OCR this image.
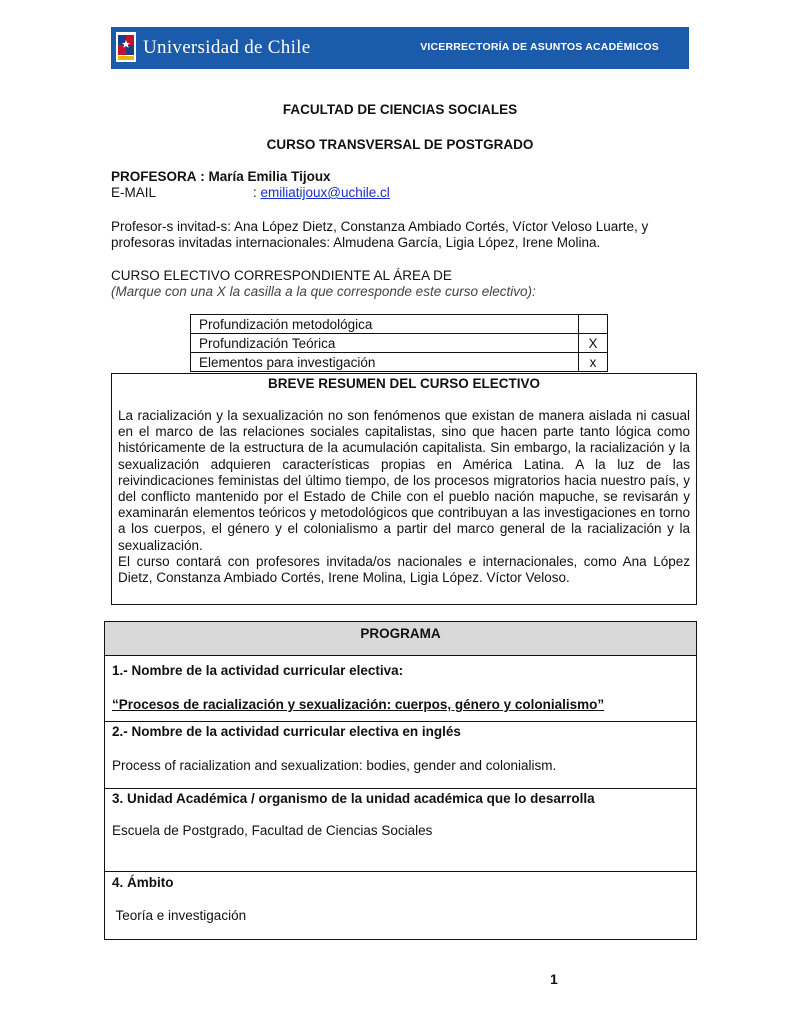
Universidad de Chile	VICERRECTORÍA DE ASUNTOS ACADÉMICOS
FACULTAD DE CIENCIAS SOCIALES
CURSO TRANSVERSAL DE POSTGRADO
PROFESORA : María Emilia Tijoux
E-MAIL	: emiliatijoux@uchile.cl
Profesor-s invitad-s: Ana López Dietz, Constanza Ambiado Cortés, Víctor Veloso Luarte, y
profesoras invitadas internacionales: Almudena García, Ligia López, Irene Molina.
CURSO ELECTIVO CORRESPONDIENTE AL ÁREA DE
(Marque con una X la casilla a la que corresponde este curso electivo):
Profundización metodológica	
Profundización Teórica	X
Elementos para investigación	x
BREVE RESUMEN DEL CURSO ELECTIVO

La racialización y la sexualización no son fenómenos que existan de manera aislada ni casual en el marco de las relaciones sociales capitalistas, sino que hacen parte tanto lógica como históricamente de la estructura de la acumulación capitalista. Sin embargo, la racialización y la sexualización adquieren características propias en América Latina. A la luz de las reivindicaciones feministas del último tiempo, de los procesos migratorios hacia nuestro país, y del conflicto mantenido por el Estado de Chile con el pueblo nación mapuche, se revisarán y examinarán elementos teóricos y metodológicos que contribuyan a las investigaciones en torno a los cuerpos, el género y el colonialismo a partir del marco general de la racialización y la sexualización.

El curso contará con profesores invitada/os nacionales e internacionales, como Ana López Dietz, Constanza Ambiado Cortés, Irene Molina, Ligia López. Víctor Veloso.

PROGRAMA
1.- Nombre de la actividad curricular electiva:
“Procesos de racialización y sexualización: cuerpos, género y colonialismo”
2.- Nombre de la actividad curricular electiva en inglés
Process of racialization and sexualization: bodies, gender and colonialism.
3. Unidad Académica / organismo de la unidad académica que lo desarrolla
Escuela de Postgrado, Facultad de Ciencias Sociales
4. Ámbito
Teoría e investigación
1
